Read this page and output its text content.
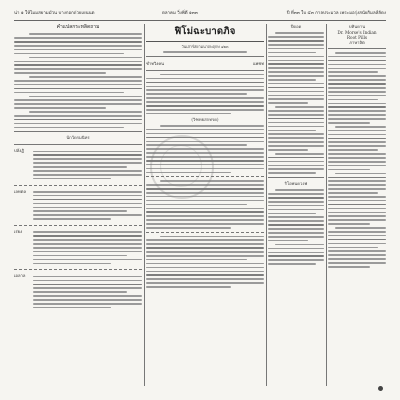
น่า ๑ ให้ไมมสยามมัวน บางกอกถ่วยเยนนต	ตลาคม วิ่งพิ่ดี ๑๓๓	ปี ที่๓๓ ใบ ๔๓ กาลประมวล เพระมอรุ่งสนัยกิมลส์ลัดง
คำแปลกระหลิดถาม
นักวัดรมนิทร
ปลังฏิ
เลทตล
เร่ยง
เอลาล
ฟิโม่ฉะบาดภิจ
วันเสาร์สยามนาถพฤกษ ๑๒๓
ชำทวิงคน	แพชท
(วิฑทยสกทรด)
ปีดอด
ริโอพนดวงฟ
บทินดาน
Dr. Morse's Indian
Root Pills
ภาษาลิต
